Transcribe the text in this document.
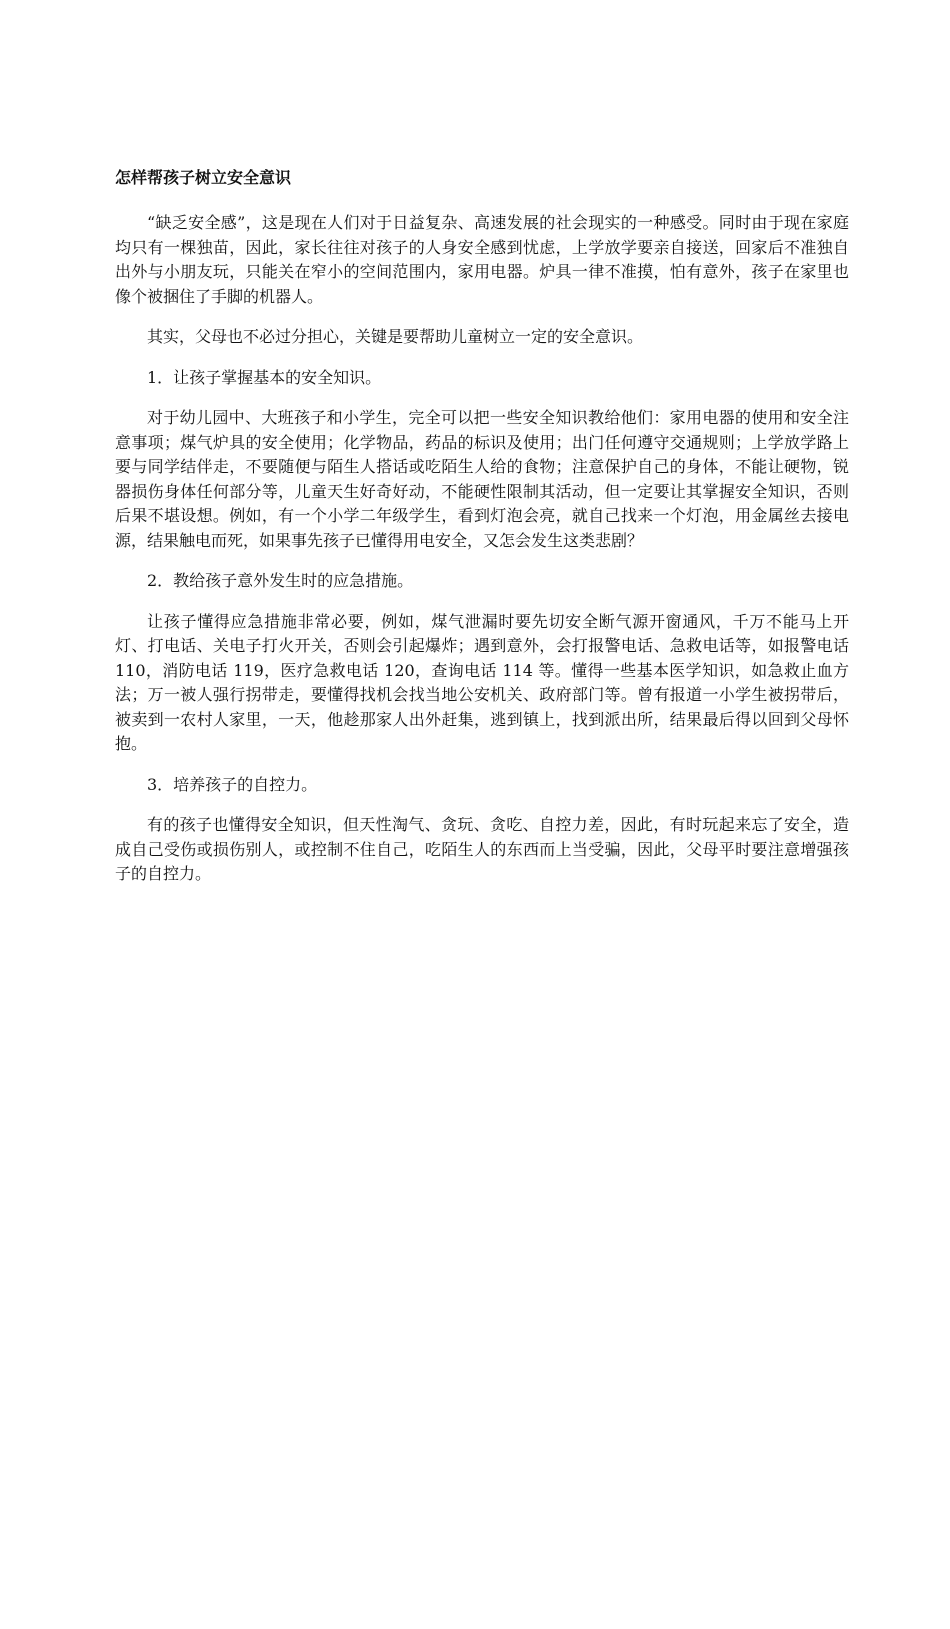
怎样帮孩子树立安全意识

“缺乏安全感”，这是现在人们对于日益复杂、高速发展的社会现实的一种感受。同时由于现在家庭均只有一棵独苗，因此，家长往往对孩子的人身安全感到忧虑，上学放学要亲自接送，回家后不准独自出外与小朋友玩，只能关在窄小的空间范围内，家用电器。炉具一律不准摸，怕有意外，孩子在家里也像个被捆住了手脚的机器人。

其实，父母也不必过分担心，关键是要帮助儿童树立一定的安全意识。

1．让孩子掌握基本的安全知识。

对于幼儿园中、大班孩子和小学生，完全可以把一些安全知识教给他们：家用电器的使用和安全注意事项；煤气炉具的安全使用；化学物品，药品的标识及使用；出门任何遵守交通规则；上学放学路上要与同学结伴走，不要随便与陌生人搭话或吃陌生人给的食物；注意保护自己的身体，不能让硬物，锐器损伤身体任何部分等，儿童天生好奇好动，不能硬性限制其活动，但一定要让其掌握安全知识，否则后果不堪设想。例如，有一个小学二年级学生，看到灯泡会亮，就自己找来一个灯泡，用金属丝去接电源，结果触电而死，如果事先孩子已懂得用电安全，又怎会发生这类悲剧？

2．教给孩子意外发生时的应急措施。

让孩子懂得应急措施非常必要，例如，煤气泄漏时要先切安全断气源开窗通风，千万不能马上开灯、打电话、关电子打火开关，否则会引起爆炸；遇到意外，会打报警电话、急救电话等，如报警电话 110，消防电话 119，医疗急救电话 120，查询电话 114 等。懂得一些基本医学知识，如急救止血方法；万一被人强行拐带走，要懂得找机会找当地公安机关、政府部门等。曾有报道一小学生被拐带后，被卖到一农村人家里，一天，他趁那家人出外赶集，逃到镇上，找到派出所，结果最后得以回到父母怀抱。

3．培养孩子的自控力。

有的孩子也懂得安全知识，但天性淘气、贪玩、贪吃、自控力差，因此，有时玩起来忘了安全，造成自己受伤或损伤别人，或控制不住自己，吃陌生人的东西而上当受骗，因此，父母平时要注意增强孩子的自控力。
